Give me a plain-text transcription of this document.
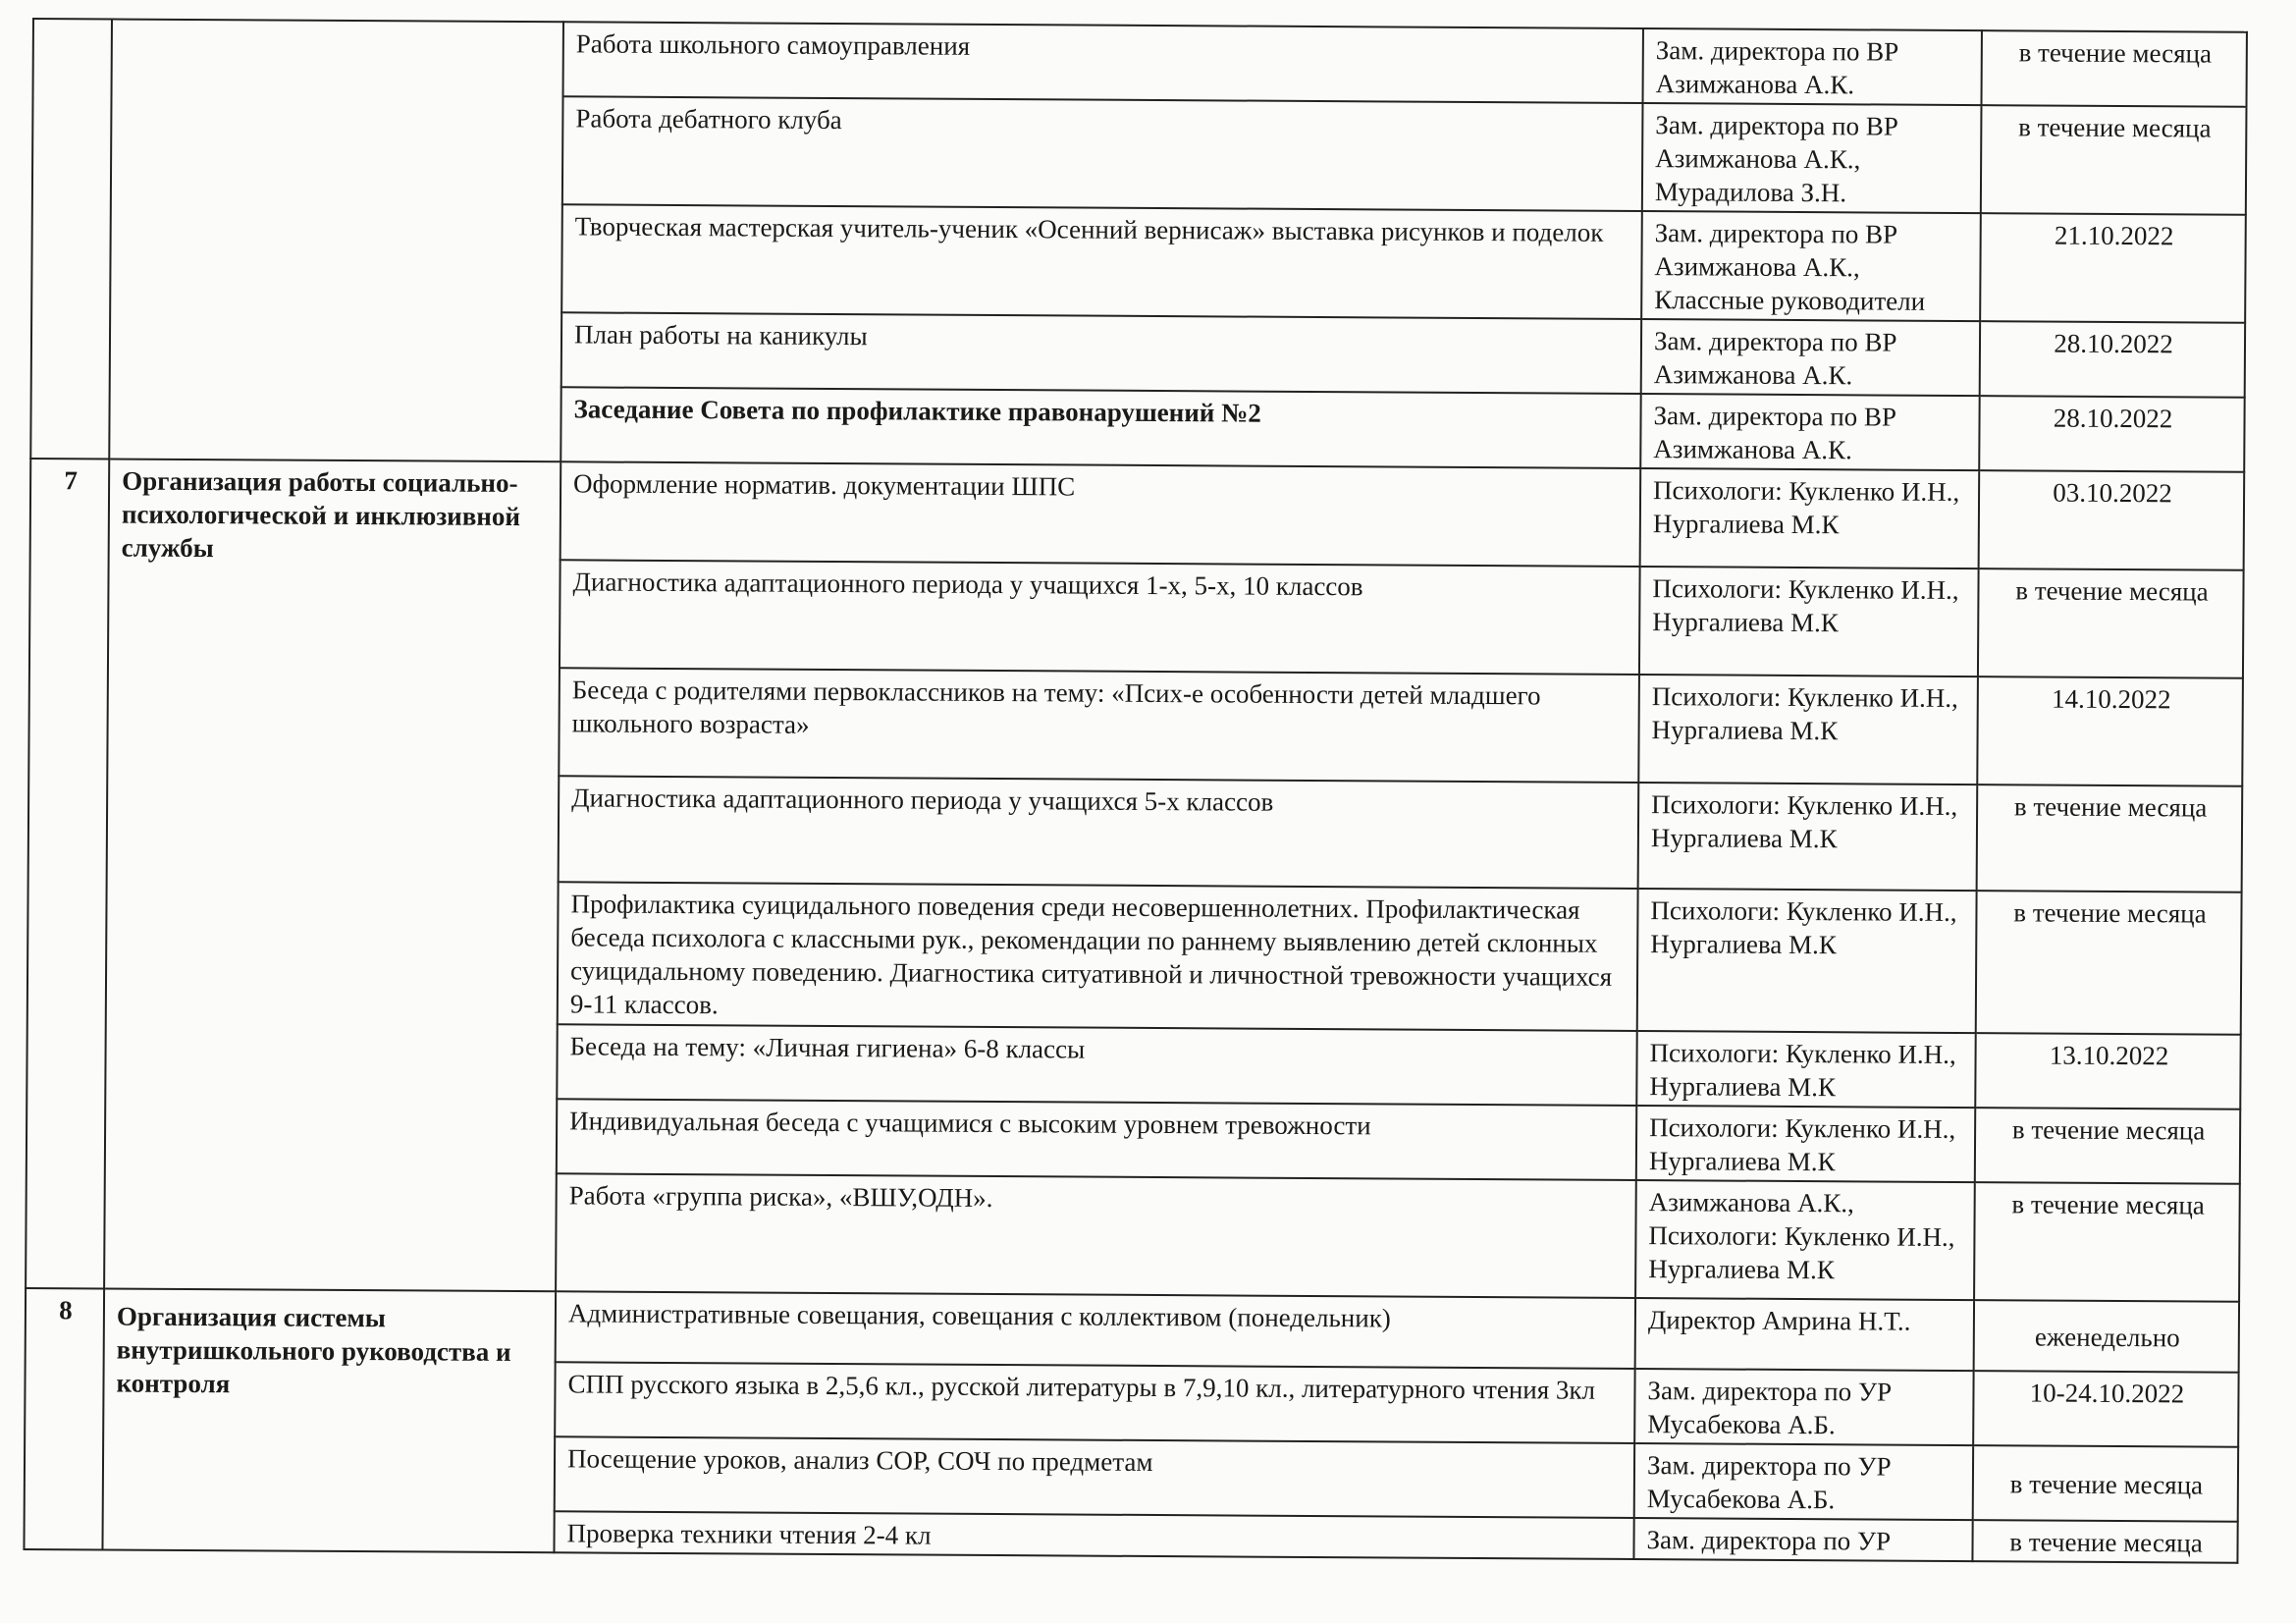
		Работа школьного самоуправления	Зам. директора по ВР Азимжанова А.К.	в течение месяца
		Работа дебатного клуба	Зам. директора по ВР Азимжанова А.К., Мурадилова З.Н.	в течение месяца
		Творческая мастерская учитель-ученик «Осенний вернисаж» выставка рисунков и поделок	Зам. директора по ВР Азимжанова А.К., Классные руководители	21.10.2022
		План работы на каникулы	Зам. директора по ВР Азимжанова А.К.	28.10.2022
		Заседание Совета по профилактике правонарушений №2	Зам. директора по ВР Азимжанова А.К.	28.10.2022
7	Организация работы социально-психологической и инклюзивной службы	Оформление норматив. документации ШПС	Психологи: Кукленко И.Н., Нургалиева М.К	03.10.2022
		Диагностика адаптационного периода у учащихся 1-х, 5-х, 10 классов	Психологи: Кукленко И.Н., Нургалиева М.К	в течение месяца
		Беседа с родителями первоклассников на тему: «Псих-е особенности детей младшего школьного возраста»	Психологи: Кукленко И.Н., Нургалиева М.К	14.10.2022
		Диагностика адаптационного периода у учащихся 5-х классов	Психологи: Кукленко И.Н., Нургалиева М.К	в течение месяца
		Профилактика суицидального поведения среди несовершеннолетних. Профилактическая беседа психолога с классными рук., рекомендации по раннему выявлению детей склонных суицидальному поведению. Диагностика ситуативной и личностной тревожности учащихся 9-11 классов.	Психологи: Кукленко И.Н., Нургалиева М.К	в течение месяца
		Беседа на тему: «Личная гигиена» 6-8 классы	Психологи: Кукленко И.Н., Нургалиева М.К	13.10.2022
		Индивидуальная беседа с учащимися с высоким уровнем тревожности	Психологи: Кукленко И.Н., Нургалиева М.К	в течение месяца
		Работа «группа риска», «ВШУ,ОДН».	Азимжанова А.К., Психологи: Кукленко И.Н., Нургалиева М.К	в течение месяца
8	Организация системы внутришкольного руководства и контроля	Административные совещания, совещания с коллективом (понедельник)	Директор Амрина Н.Т..	еженедельно
		СПП русского языка в 2,5,6 кл., русской литературы в 7,9,10 кл., литературного чтения 3кл	Зам. директора по УР Мусабекова А.Б.	10-24.10.2022
		Посещение уроков, анализ СОР, СОЧ по предметам	Зам. директора по УР Мусабекова А.Б.	в течение месяца
		Проверка техники чтения 2-4 кл	Зам. директора по УР	в течение месяца
